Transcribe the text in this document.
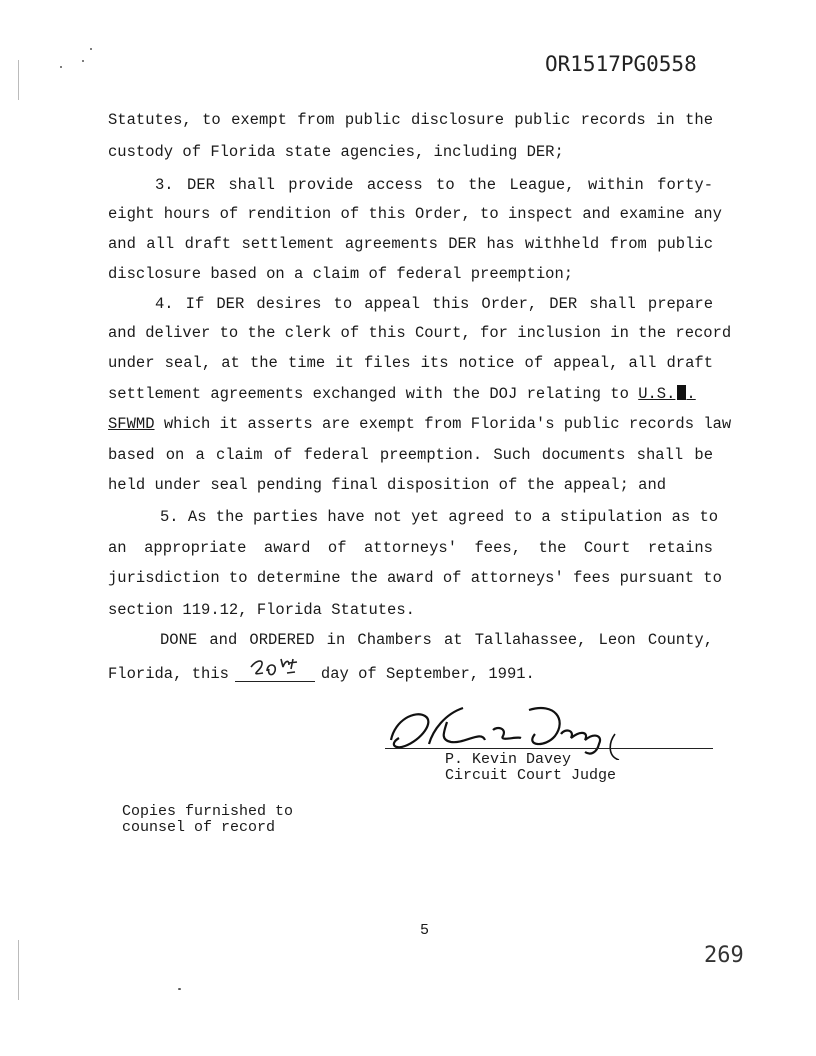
OR1517PG0558
Statutes, to exempt from public disclosure public records in the
custody of Florida state agencies, including DER;
3. DER shall provide access to the League, within forty-
eight hours of rendition of this Order, to inspect and examine any
and all draft settlement agreements DER has withheld from public
disclosure based on a claim of federal preemption;
4. If DER desires to appeal this Order, DER shall prepare
and deliver to the clerk of this Court, for inclusion in the record
under seal, at the time it files its notice of appeal, all draft
settlement agreements exchanged with the DOJ relating to U.S. .
SFWMD which it asserts are exempt from Florida's public records law
based on a claim of federal preemption. Such documents shall be
held under seal pending final disposition of the appeal; and
5. As the parties have not yet agreed to a stipulation as to
an appropriate award of attorneys' fees, the Court retains
jurisdiction to determine the award of attorneys' fees pursuant to
section 119.12, Florida Statutes.
DONE and ORDERED in Chambers at Tallahassee, Leon County,
Florida, this	day of September, 1991.
P. Kevin Davey
Circuit Court Judge
Copies furnished to
counsel of record
5
269
